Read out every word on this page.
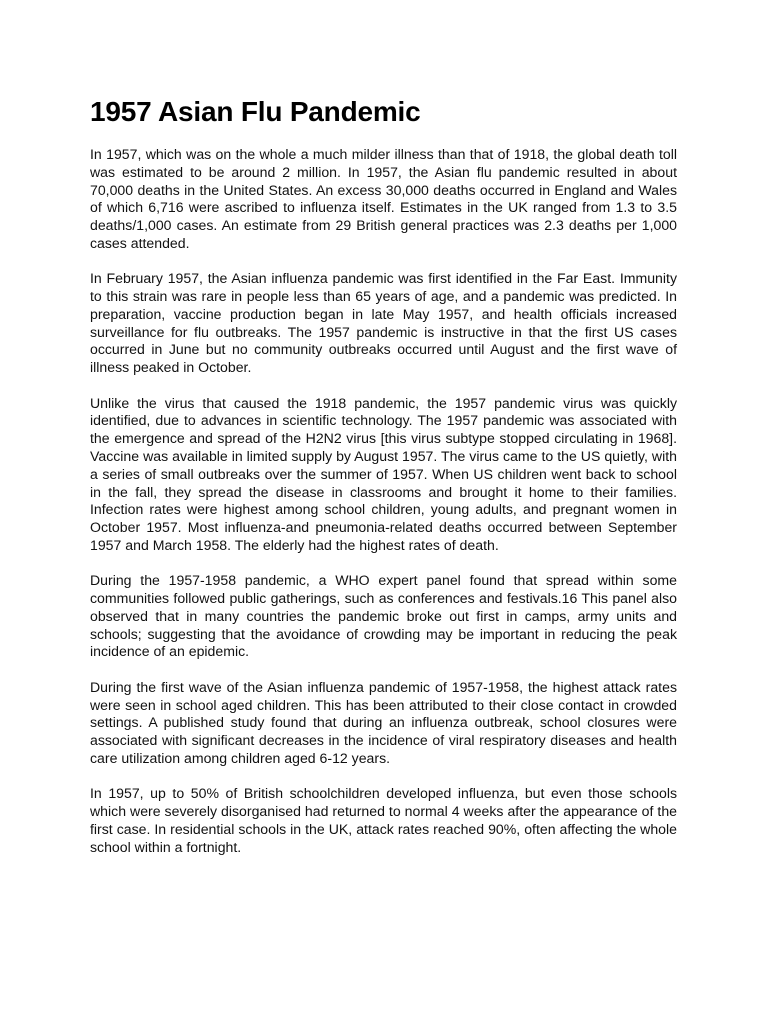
1957 Asian Flu Pandemic

In 1957, which was on the whole a much milder illness than that of 1918, the global death toll was estimated to be around 2 million. In 1957, the Asian flu pandemic resulted in about 70,000 deaths in the United States. An excess 30,000 deaths occurred in England and Wales of which 6,716 were ascribed to influenza itself. Estimates in the UK ranged from 1.3 to 3.5 deaths/1,000 cases. An estimate from 29 British general practices was 2.3 deaths per 1,000 cases attended.

In February 1957, the Asian influenza pandemic was first identified in the Far East. Immunity to this strain was rare in people less than 65 years of age, and a pandemic was predicted. In preparation, vaccine production began in late May 1957, and health officials increased surveillance for flu outbreaks. The 1957 pandemic is instructive in that the first US cases occurred in June but no community outbreaks occurred until August and the first wave of illness peaked in October.

Unlike the virus that caused the 1918 pandemic, the 1957 pandemic virus was quickly identified, due to advances in scientific technology. The 1957 pandemic was associated with the emergence and spread of the H2N2 virus [this virus subtype stopped circulating in 1968]. Vaccine was available in limited supply by August 1957. The virus came to the US quietly, with a series of small outbreaks over the summer of 1957. When US children went back to school in the fall, they spread the disease in classrooms and brought it home to their families. Infection rates were highest among school children, young adults, and pregnant women in October 1957. Most influenza-and pneumonia-related deaths occurred between September 1957 and March 1958. The elderly had the highest rates of death.

During the 1957-1958 pandemic, a WHO expert panel found that spread within some communities followed public gatherings, such as conferences and festivals.16 This panel also observed that in many countries the pandemic broke out first in camps, army units and schools; suggesting that the avoidance of crowding may be important in reducing the peak incidence of an epidemic.

During the first wave of the Asian influenza pandemic of 1957-1958, the highest attack rates were seen in school aged children. This has been attributed to their close contact in crowded settings. A published study found that during an influenza outbreak, school closures were associated with significant decreases in the incidence of viral respiratory diseases and health care utilization among children aged 6-12 years.

In 1957, up to 50% of British schoolchildren developed influenza, but even those schools which were severely disorganised had returned to normal 4 weeks after the appearance of the first case. In residential schools in the UK, attack rates reached 90%, often affecting the whole school within a fortnight.
